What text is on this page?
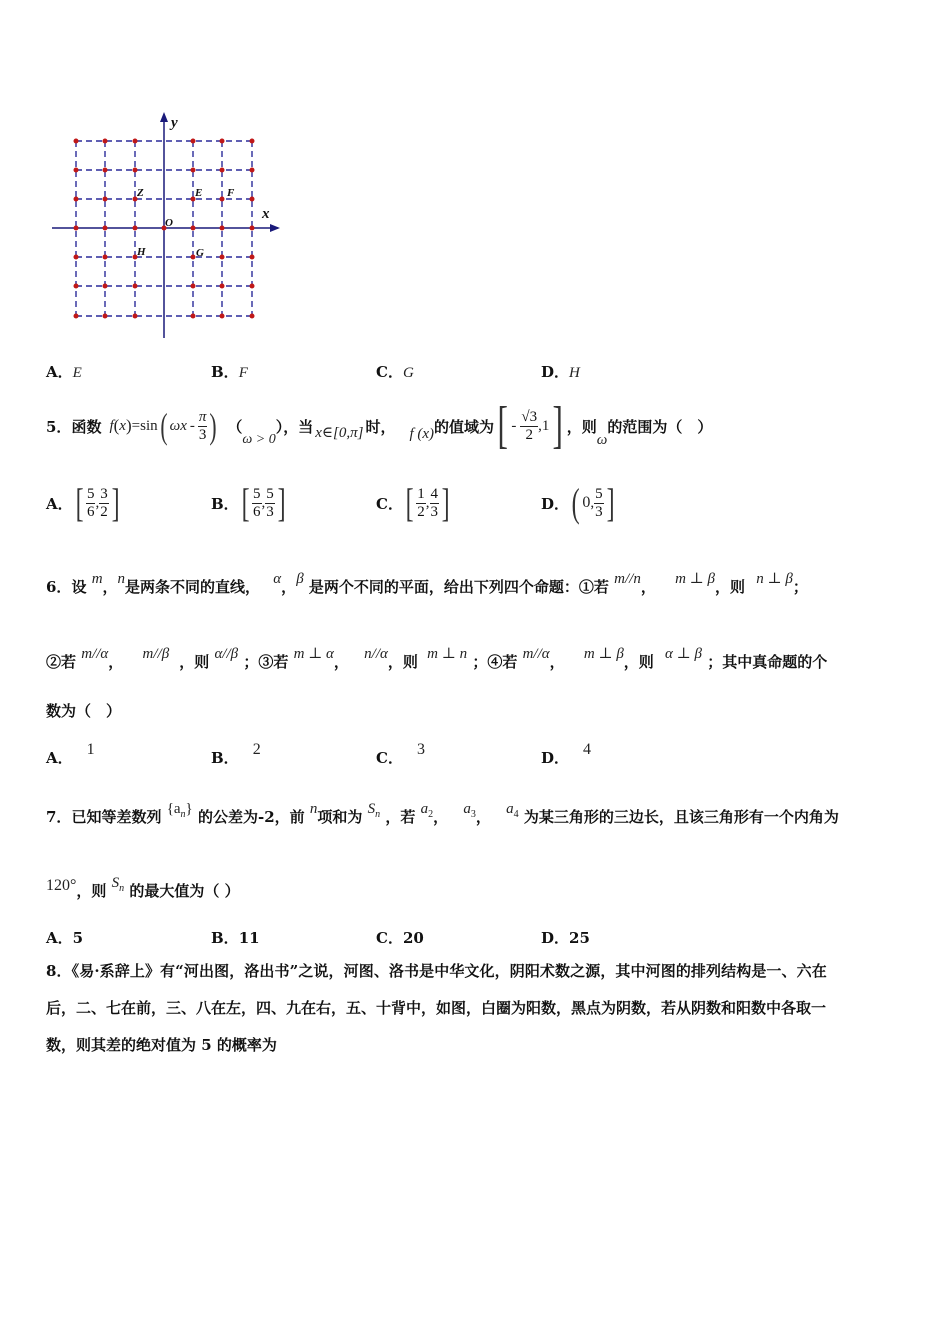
y
x
O
Z	E F
H	G
A．E	B．F	C．G	D．H
5． 函数 f ( x ) =sin ( ωx - $\frac{\pi}{3}$ ) （
ω > 0
），当 x∈[0,π] 时， f (x) 的值域为 [ - $\frac{√3}{2} ,1$ ] ，则
ω
的范围为（　）
A． [ $\frac{5}{6}$ , $\frac{3}{2}$ ]	B． [ $\frac{5}{6}$ , $\frac{5}{3}$ ]	C． [ $\frac{1}{2}$ , $\frac{4}{3}$ ]	D． ( 0 , $\frac{5}{3}$ ]
6．设 m，n是两条不同的直线， α，β 是两个不同的平面，给出下列四个命题：①若 m//n， m ⊥ β，则 n ⊥ β；
②若 m//α， m//β ，则 α//β ；③若 m ⊥ α， n//α，则 m ⊥ n ；④若 m//α， m ⊥ β，则 α ⊥ β ；其中真命题的个
数为（　）
A． 1	B． 2	C． 3	D． 4
7．已知等差数列 $\{a_n\}$ 的公差为-2，前 n项和为 $S_n$ ，若 $a_2$， $a_3$， $a_4$ 为某三角形的三边长，且该三角形有一个内角为
120°，则 $S_n$ 的最大值为（ ）
A．5	B．11	C．20	D．25
8．《易·系辞上》有“河出图，洛出书”之说，河图、洛书是中华文化，阴阳术数之源，其中河图的排列结构是一、六在
后，二、七在前，三、八在左，四、九在右，五、十背中，如图，白圈为阳数，黑点为阴数，若从阴数和阳数中各取一
数，则其差的绝对值为 5 的概率为
